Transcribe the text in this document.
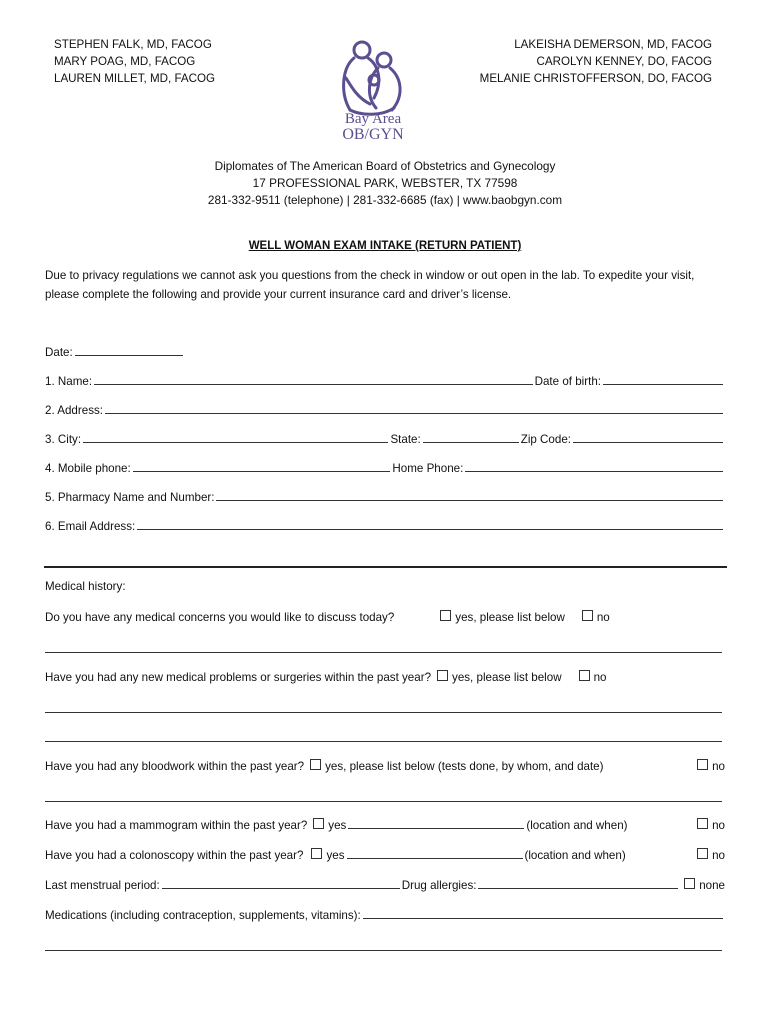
STEPHEN FALK, MD, FACOG
MARY POAG, MD, FACOG
LAUREN MILLET, MD, FACOG
LAKEISHA DEMERSON, MD, FACOG
CAROLYN KENNEY, DO, FACOG
MELANIE CHRISTOFFERSON, DO, FACOG
Bay Area
OB/GYN
Diplomates of The American Board of Obstetrics and Gynecology
17 PROFESSIONAL PARK, WEBSTER, TX 77598
281-332-9511 (telephone) | 281-332-6685 (fax) | www.baobgyn.com
WELL WOMAN EXAM INTAKE (RETURN PATIENT)
Due to privacy regulations we cannot ask you questions from the check in window or out open in the lab. To expedite your visit, please complete the following and provide your current insurance card and driver’s license.
Date:
1. Name:	Date of birth:
2. Address:
3. City:	State:	Zip Code:
4. Mobile phone:	Home Phone:
5. Pharmacy Name and Number:
6. Email Address:
Medical history:
Do you have any medical concerns you would like to discuss today?	yes, please list below	no
Have you had any new medical problems or surgeries within the past year? yes, please list below	no
Have you had any bloodwork within the past year? yes, please list below (tests done, by whom, and date)	no
Have you had a mammogram within the past year? yes	(location and when)	no
Have you had a colonoscopy within the past year? yes	(location and when)	no
Last menstrual period:	Drug allergies:	none
Medications (including contraception, supplements, vitamins):
